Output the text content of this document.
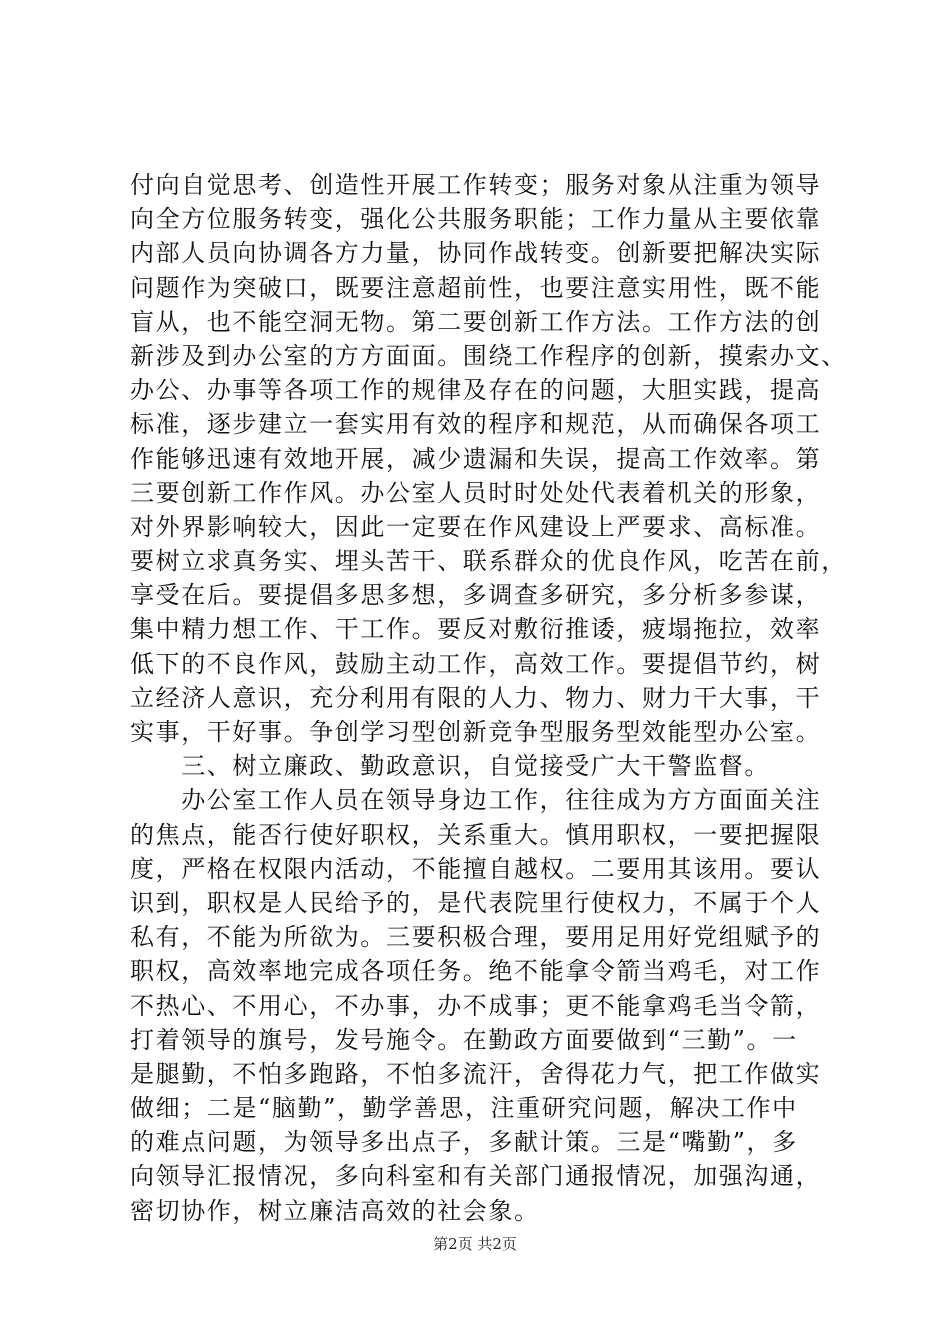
付向自觉思考、创造性开展工作转变；服务对象从注重为领导
向全方位服务转变，强化公共服务职能；工作力量从主要依靠
内部人员向协调各方力量，协同作战转变。创新要把解决实际
问题作为突破口，既要注意超前性，也要注意实用性，既不能
盲从，也不能空洞无物。第二要创新工作方法。工作方法的创
新涉及到办公室的方方面面。围绕工作程序的创新，摸索办文、
办公、办事等各项工作的规律及存在的问题，大胆实践，提高
标准，逐步建立一套实用有效的程序和规范，从而确保各项工
作能够迅速有效地开展，减少遗漏和失误，提高工作效率。第
三要创新工作作风。办公室人员时时处处代表着机关的形象，
对外界影响较大，因此一定要在作风建设上严要求、高标准。
要树立求真务实、埋头苦干、联系群众的优良作风，吃苦在前，
享受在后。要提倡多思多想，多调查多研究，多分析多参谋，
集中精力想工作、干工作。要反对敷衍推诿，疲塌拖拉，效率
低下的不良作风，鼓励主动工作，高效工作。要提倡节约，树
立经济人意识，充分利用有限的人力、物力、财力干大事，干
实事，干好事。争创学习型创新竞争型服务型效能型办公室。
　　三、树立廉政、勤政意识，自觉接受广大干警监督。
　　办公室工作人员在领导身边工作，往往成为方方面面关注
的焦点，能否行使好职权，关系重大。慎用职权，一要把握限
度，严格在权限内活动，不能擅自越权。二要用其该用。要认
识到，职权是人民给予的，是代表院里行使权力，不属于个人
私有，不能为所欲为。三要积极合理，要用足用好党组赋予的
职权，高效率地完成各项任务。绝不能拿令箭当鸡毛，对工作
不热心、不用心，不办事，办不成事；更不能拿鸡毛当令箭，
打着领导的旗号，发号施令。在勤政方面要做到“三勤”。一
是腿勤，不怕多跑路，不怕多流汗，舍得花力气，把工作做实
做细；二是“脑勤”，勤学善思，注重研究问题，解决工作中
的难点问题，为领导多出点子，多献计策。三是“嘴勤”，多
向领导汇报情况，多向科室和有关部门通报情况，加强沟通，
密切协作，树立廉洁高效的社会象。
第2页 共2页
